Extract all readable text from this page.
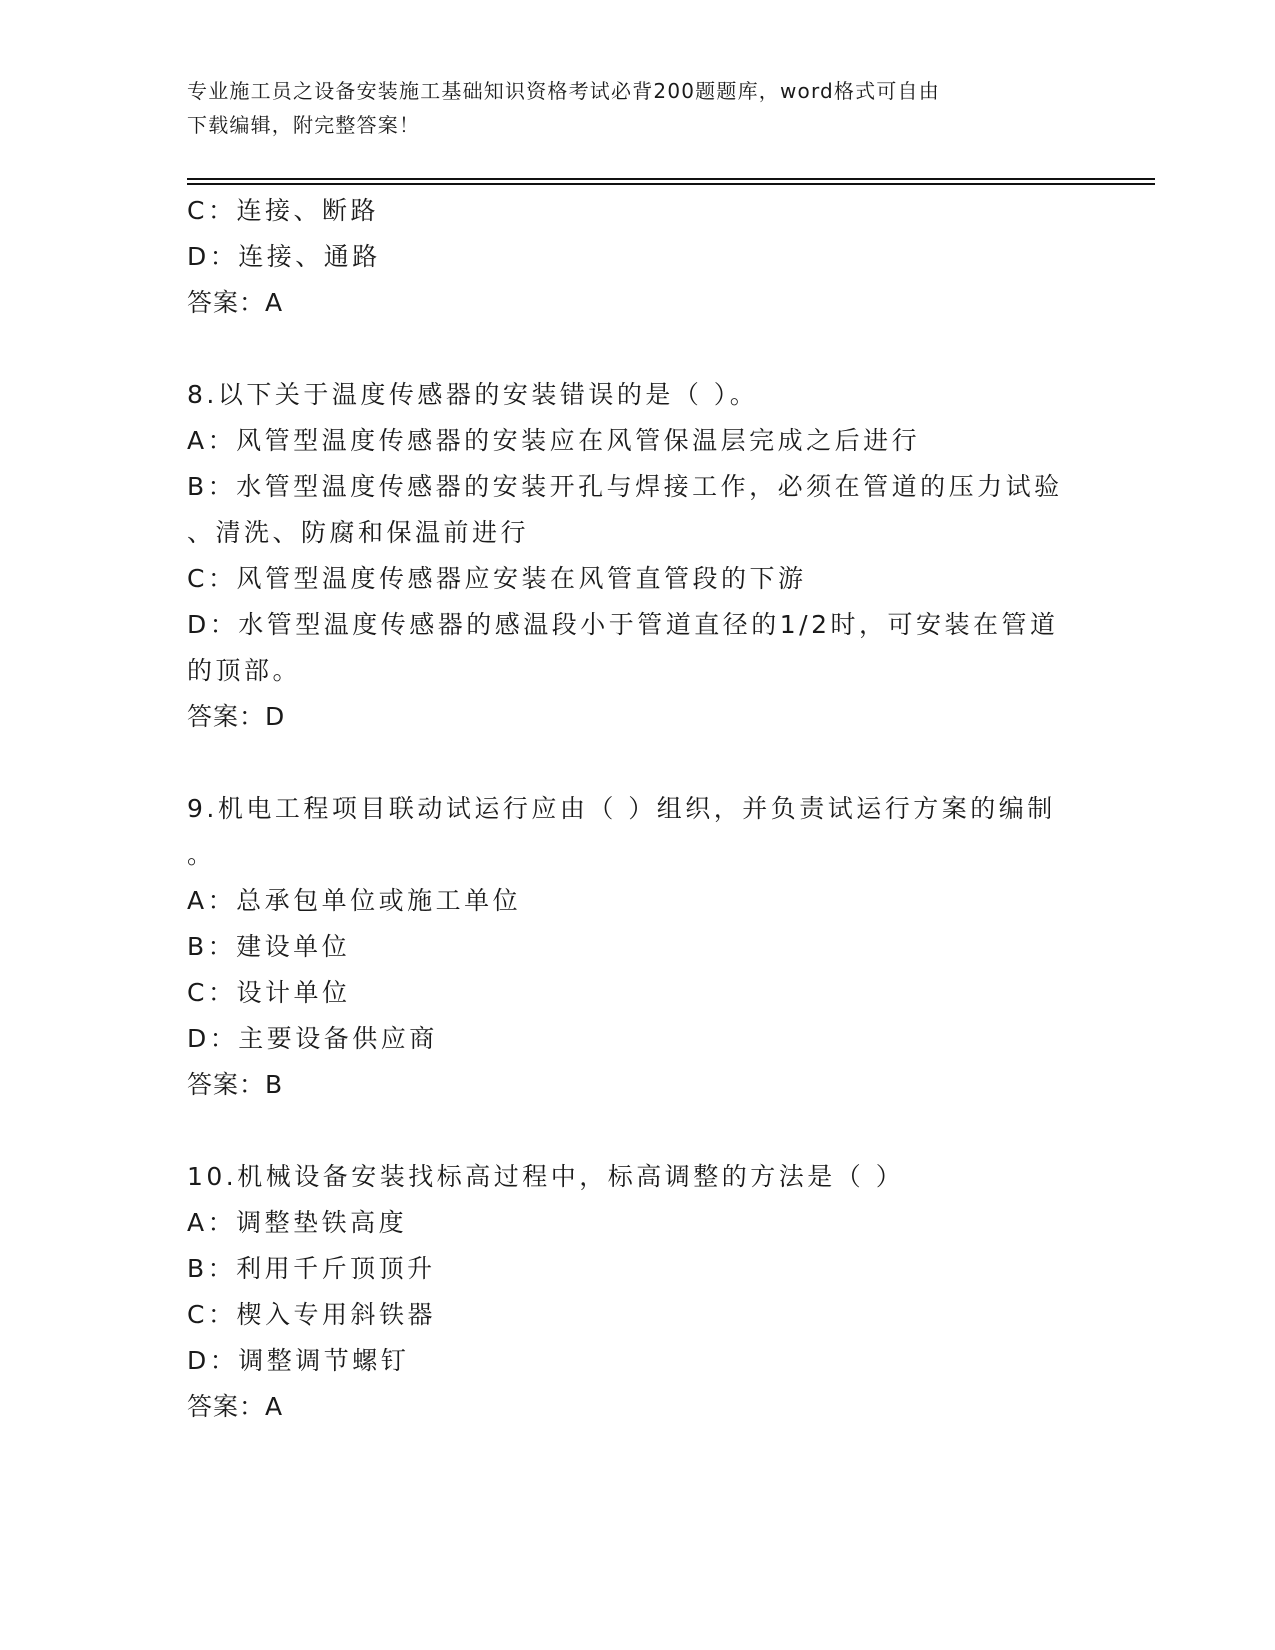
专业施工员之设备安装施工基础知识资格考试必背200题题库，word格式可自由
下载编辑，附完整答案！
C：连接、断路
D：连接、通路
答案：A
8.以下关于温度传感器的安装错误的是（ ）。
A：风管型温度传感器的安装应在风管保温层完成之后进行
B：水管型温度传感器的安装开孔与焊接工作，必须在管道的压力试验
、清洗、防腐和保温前进行
C：风管型温度传感器应安装在风管直管段的下游
D：水管型温度传感器的感温段小于管道直径的1/2时，可安装在管道
的顶部。
答案：D
9.机电工程项目联动试运行应由（ ）组织，并负责试运行方案的编制
。
A：总承包单位或施工单位
B：建设单位
C：设计单位
D：主要设备供应商
答案：B
10.机械设备安装找标高过程中，标高调整的方法是（ ）
A：调整垫铁高度
B：利用千斤顶顶升
C：楔入专用斜铁器
D：调整调节螺钉
答案：A
